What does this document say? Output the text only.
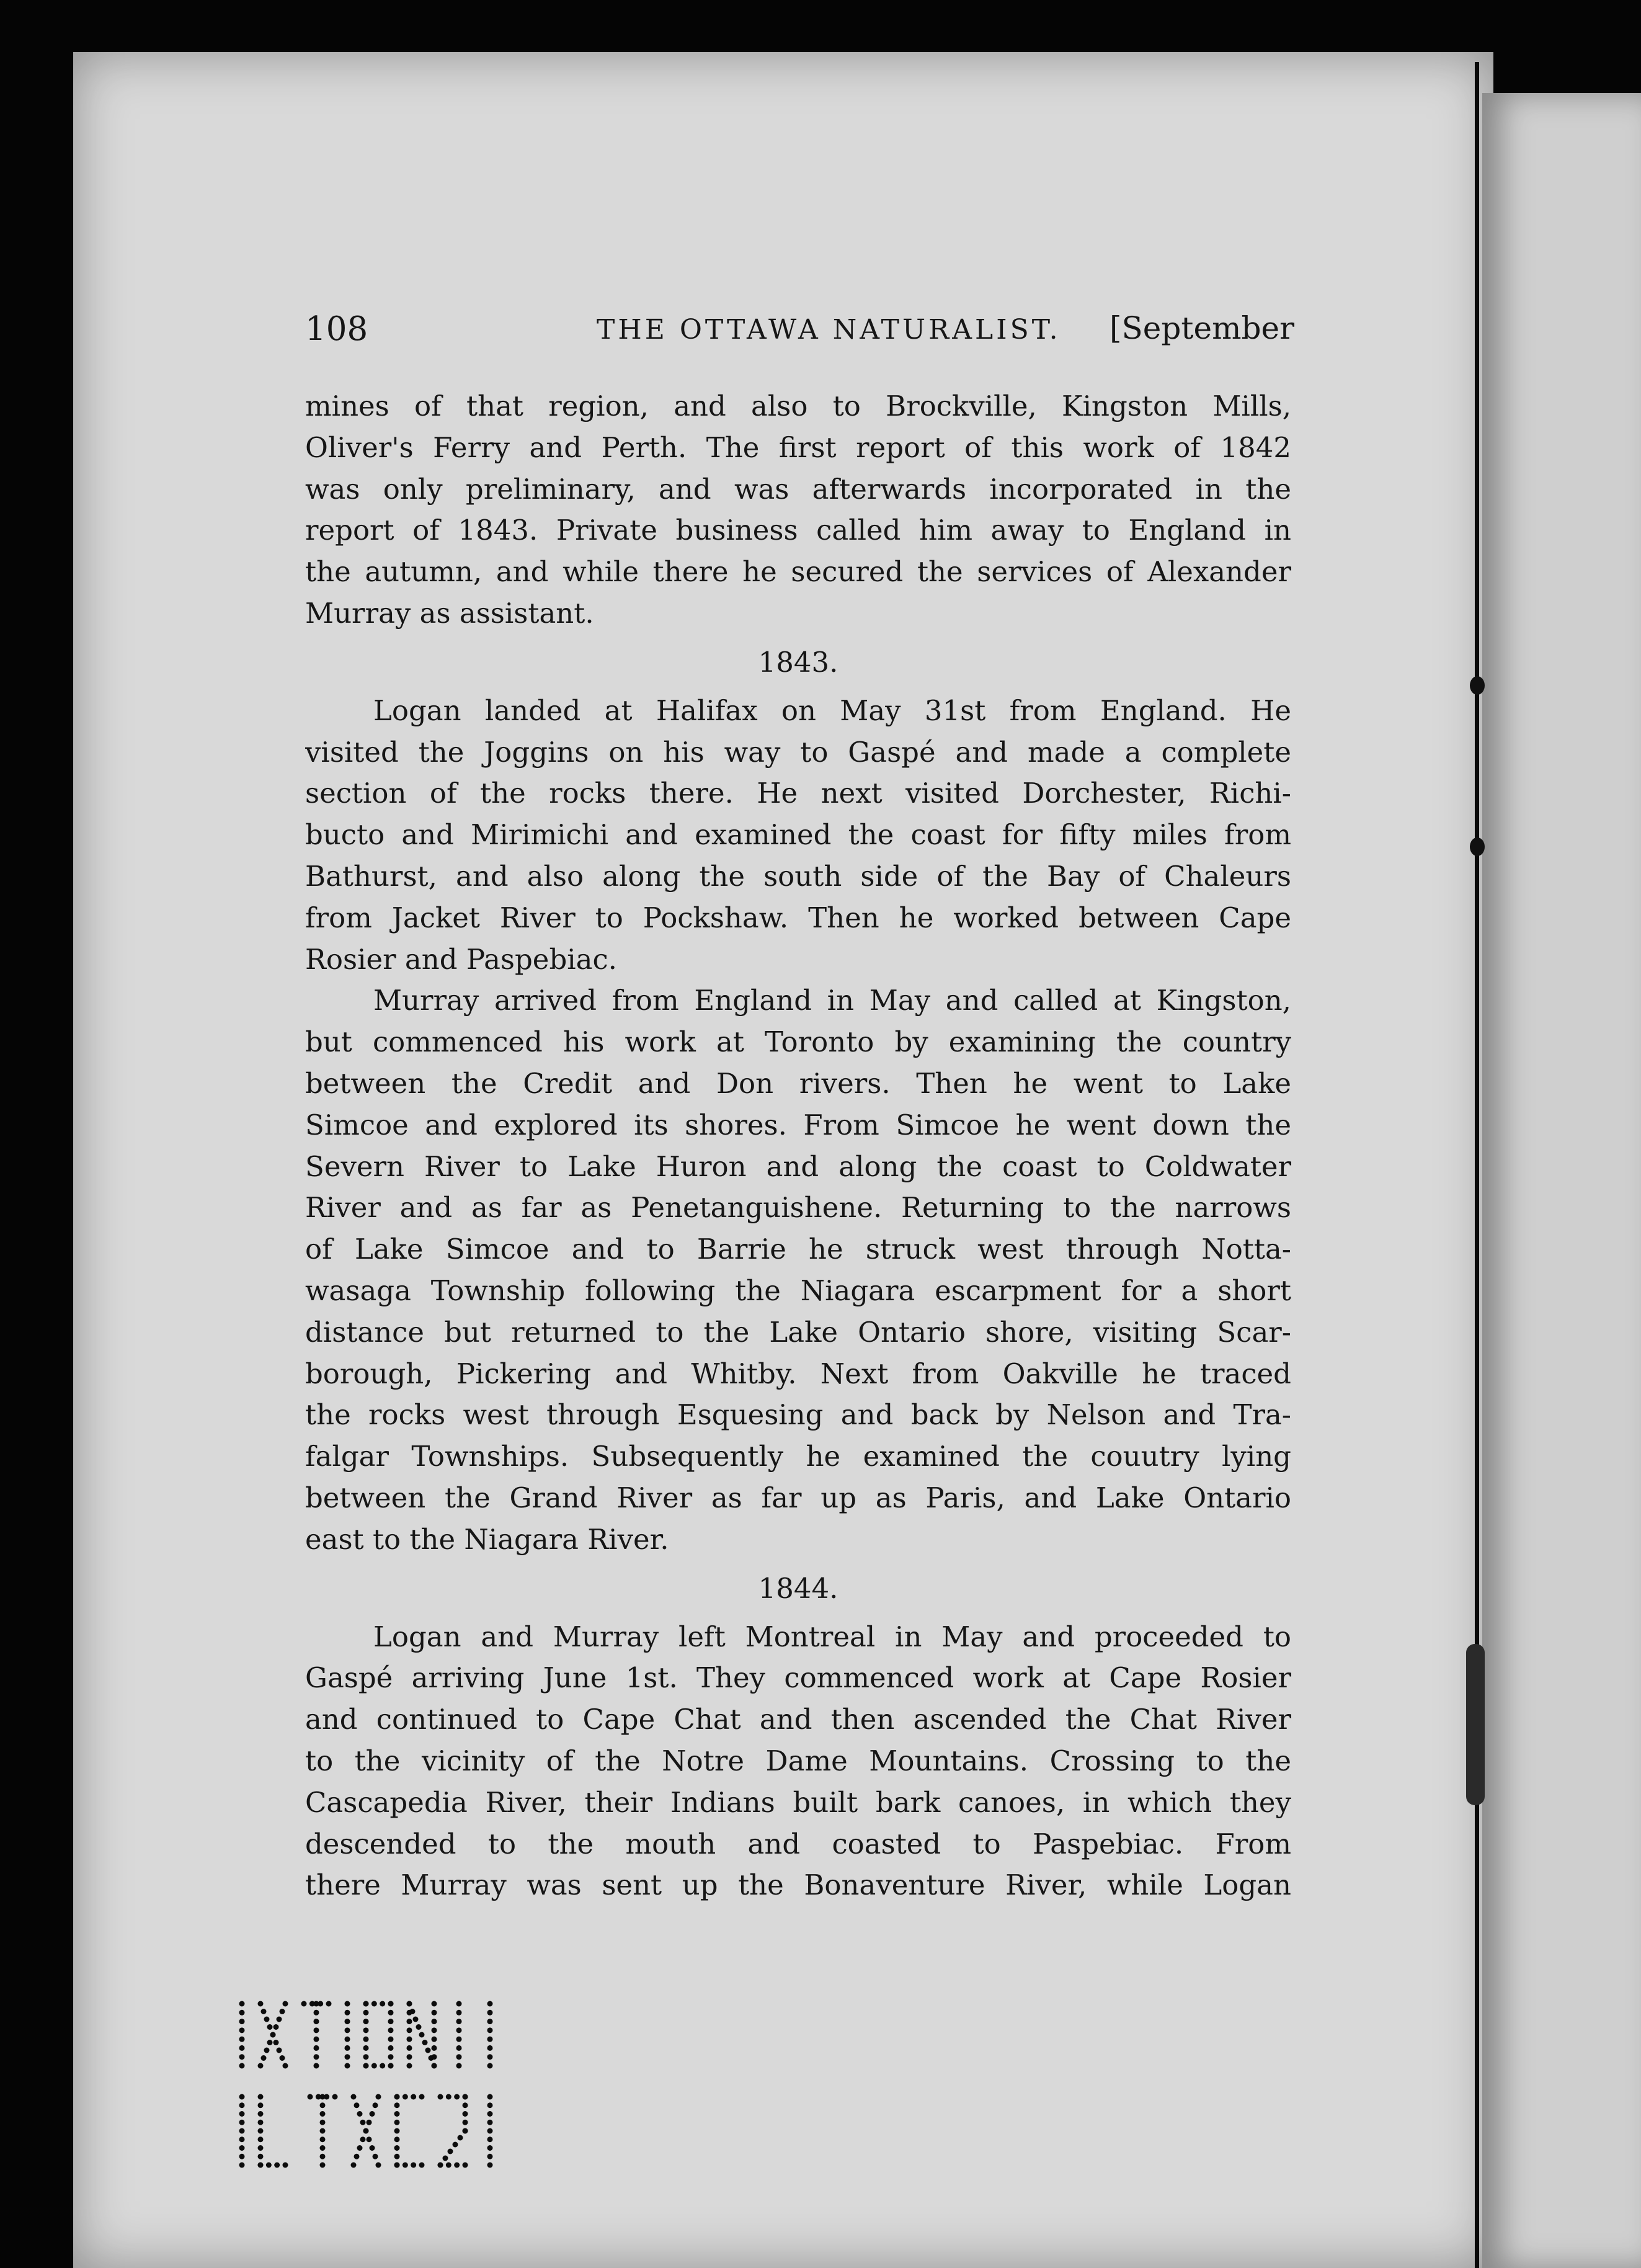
108	THE OTTAWA NATURALIST. [September
mines of that region, and also to Brockville, Kingston Mills,
Oliver's Ferry and Perth. The first report of this work of 1842
was only preliminary, and was afterwards incorporated in the
report of 1843. Private business called him away to England in
the autumn, and while there he secured the services of Alexander
Murray as assistant.
1843.
Logan landed at Halifax on May 31st from England. He
visited the Joggins on his way to Gaspé and made a complete
section of the rocks there. He next visited Dorchester, Richi-
bucto and Mirimichi and examined the coast for fifty miles from
Bathurst, and also along the south side of the Bay of Chaleurs
from Jacket River to Pockshaw. Then he worked between Cape
Rosier and Paspebiac.
Murray arrived from England in May and called at Kingston,
but commenced his work at Toronto by examining the country
between the Credit and Don rivers. Then he went to Lake
Simcoe and explored its shores. From Simcoe he went down the
Severn River to Lake Huron and along the coast to Coldwater
River and as far as Penetanguishene. Returning to the narrows
of Lake Simcoe and to Barrie he struck west through Notta-
wasaga Township following the Niagara escarpment for a short
distance but returned to the Lake Ontario shore, visiting Scar-
borough, Pickering and Whitby. Next from Oakville he traced
the rocks west through Esquesing and back by Nelson and Tra-
falgar Townships. Subsequently he examined the couutry lying
between the Grand River as far up as Paris, and Lake Ontario
east to the Niagara River.
1844.
Logan and Murray left Montreal in May and proceeded to
Gaspé arriving June 1st. They commenced work at Cape Rosier
and continued to Cape Chat and then ascended the Chat River
to the vicinity of the Notre Dame Mountains. Crossing to the
Cascapedia River, their Indians built bark canoes, in which they
descended to the mouth and coasted to Paspebiac. From
there Murray was sent up the Bonaventure River, while Logan
